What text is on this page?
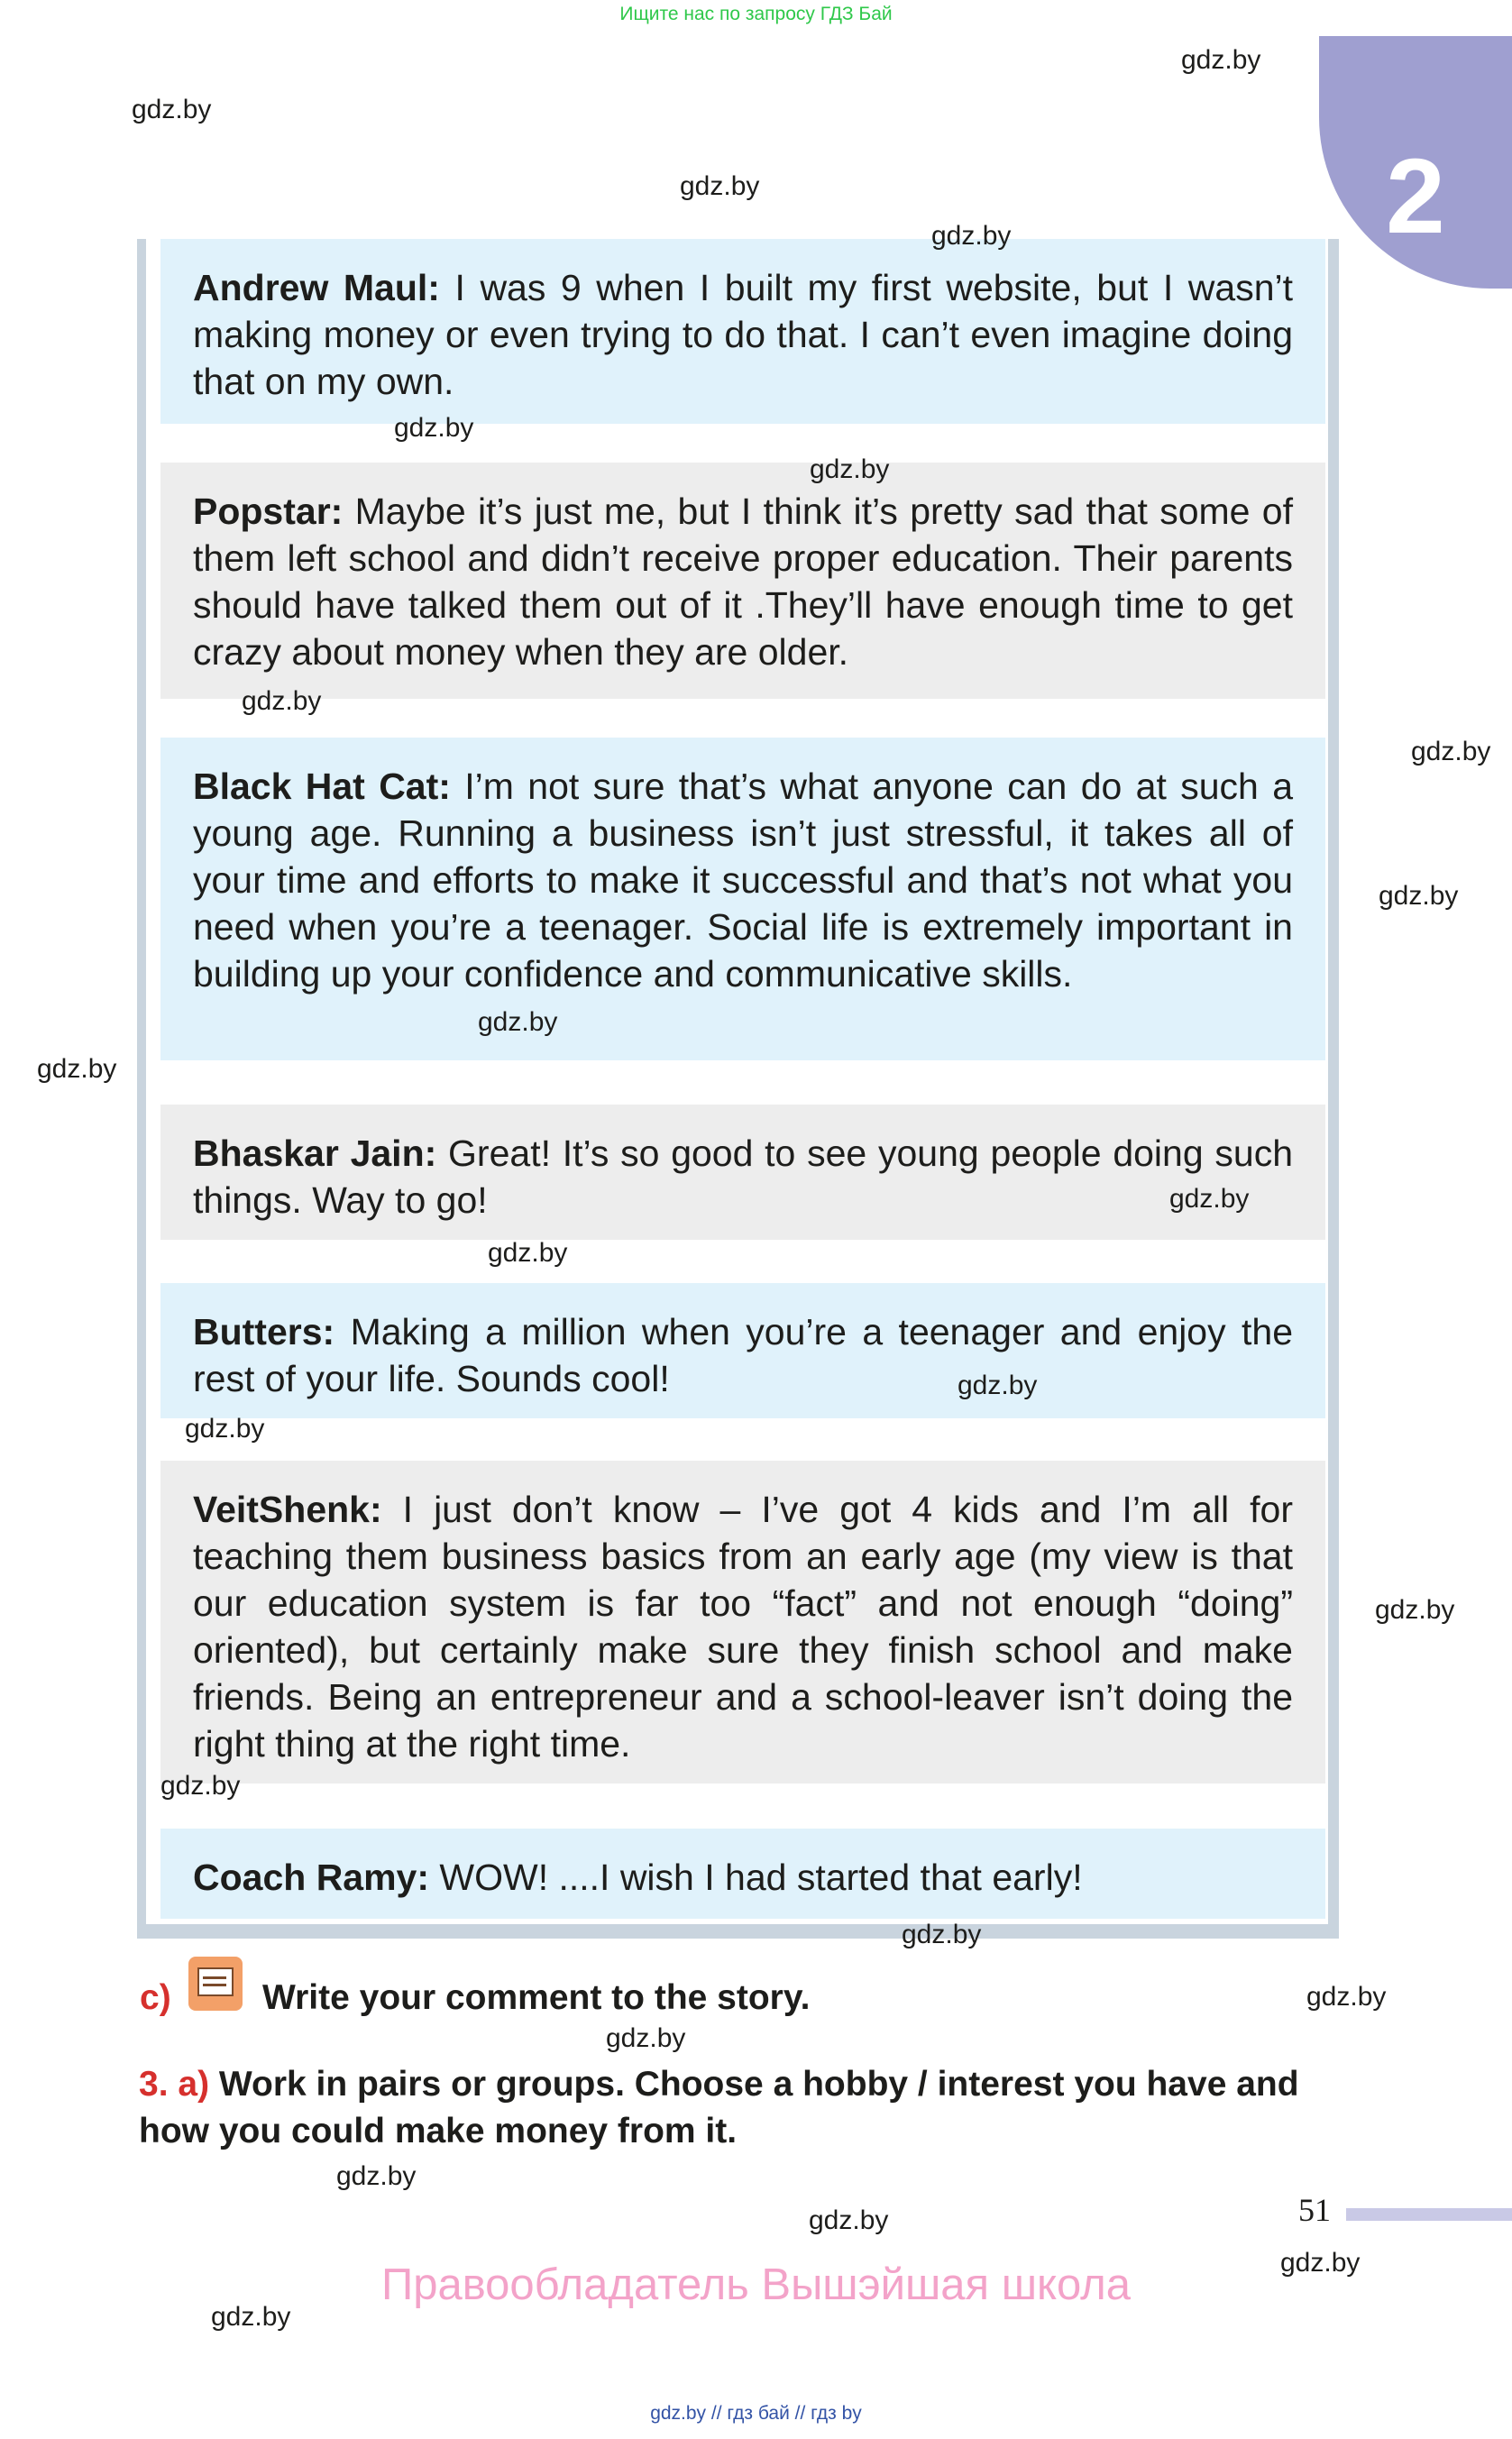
Ищите нас по запросу ГДЗ Бай
2
Andrew Maul: I was 9 when I built my first website, but I wasn’t making money or even trying to do that. I can’t even imagine doing that on my own.
Popstar: Maybe it’s just me, but I think it’s pretty sad that some of them left school and didn’t receive proper education. Their parents should have talked them out of it .They’ll have enough time to get crazy about money when they are older.
Black Hat Cat: I’m not sure that’s what anyone can do at such a young age. Running a business isn’t just stressful, it takes all of your time and efforts to make it successful and that’s not what you need when you’re a teenager. Social life is extremely important in building up your confidence and communicative skills.
Bhaskar Jain: Great! It’s so good to see young people doing such things. Way to go!
Butters: Making a million when you’re a teenager and enjoy the rest of your life. Sounds cool!
VeitShenk: I just don’t know – I’ve got 4 kids and I’m all for teaching them business basics from an early age (my view is that our education system is far too “fact” and not enough “doing” oriented), but certainly make sure they finish school and make friends. Being an entrepreneur and a school-leaver isn’t doing the right thing at the right time.
Coach Ramy: WOW! ....I wish I had started that early!
c)	Write your comment to the story.
3. a) Work in pairs or groups. Choose a hobby / interest you have and how you could make money from it.
51
Правообладатель Вышэйшая школа
gdz.by // гдз бай // гдз by
gdz.by
gdz.by
gdz.by
gdz.by
gdz.by
gdz.by
gdz.by
gdz.by
gdz.by
gdz.by
gdz.by
gdz.by
gdz.by
gdz.by
gdz.by
gdz.by
gdz.by
gdz.by
gdz.by
gdz.by
gdz.by
gdz.by
gdz.by
gdz.by
